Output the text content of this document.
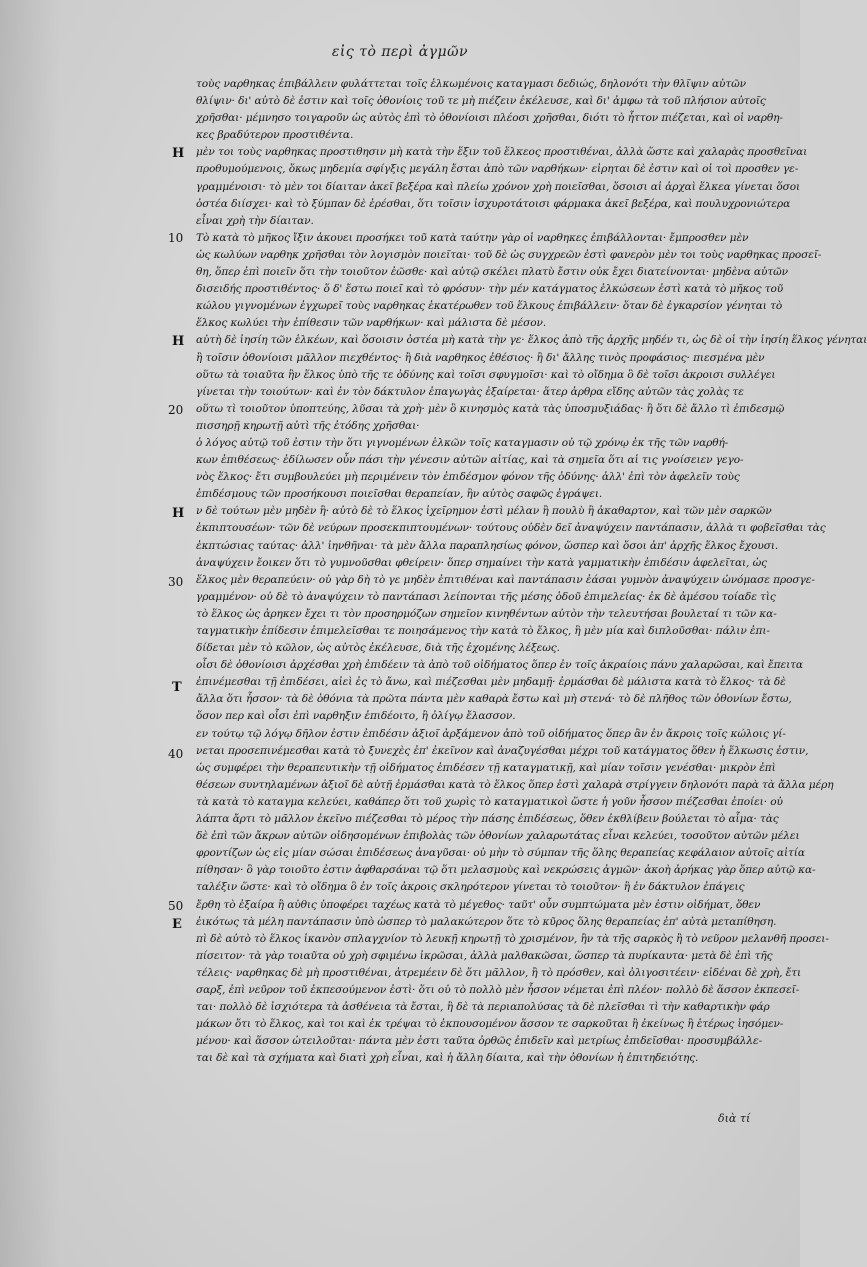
εἰς τὸ περὶ ἀγμῶν
Η
Η
Η
Τ
Ε
10
20
30
40
50
τοὺς ναρθηκας ἐπιβάλλειν φυλάττεται τοῖς ἑλκωμένοις καταγμασι δεδιώς, δηλονότι τὴν θλῖψιν αὐτῶν
θλίψιν· δι' αὐτὸ δὲ ἐστιν καὶ τοῖς ὀθονίοις τοῦ τε μὴ πιέζειν ἐκέλευσε, καὶ δι' ἀμφω τὰ τοῦ πλήσιον αὐτοῖς
χρῆσθαι· μέμνησο τοιγαροῦν ὡς αὐτὸς ἐπὶ τὸ ὀθονίοισι πλέοσι χρῆσθαι, διότι τὸ ἧττον πιέζεται, καὶ οἱ ναρθη-
κες βραδύτερον προστιθέντα.
μὲν τοι τοὺς ναρθηκας προστιθησιν μὴ κατὰ τὴν ἕξιν τοῦ ἕλκεος προστιθέναι, ἀλλὰ ὥστε καὶ χαλαρὰς προσθεῖναι
προθυμούμενοις, ὅκως μηδεμία σφίγξις μεγάλη ἔσται ἀπὸ τῶν ναρθήκων· εἰρηται δὲ ἐστιν καὶ οἱ τοὶ προσθεν γε-
γραμμένοισι· τὸ μὲν τοι δίαιταν ἀκεῖ βεξέρα καὶ πλείω χρόνον χρὴ ποιεῖσθαι, ὅσοισι αἱ ἀρχαὶ ἕλκεα γίνεται ὅσοι
ὀστέα διίσχει· καὶ τὸ ξύμπαν δὲ ἐρέσθαι, ὅτι τοῖσιν ἰσχυροτάτοισι φάρμακα ἀκεῖ βεξέρα, καὶ πουλυχρονιώτερα
εἶναι χρὴ τὴν δίαιταν.
Τὸ κατὰ τὸ μῆκος ἴξιν ἀκουει προσήκει τοῦ κατὰ ταύτην γὰρ οἱ ναρθηκες ἐπιβάλλονται· ἔμπροσθεν μὲν
ὡς κωλύων ναρθηκ χρῆσθαι τὸν λογισμὸν ποιεῖται· τοῦ δὲ ὡς συγχρεῶν ἐστὶ φανερὸν μὲν τοι τοὺς ναρθηκας προσεῖ-
θη, ὅπερ ἐπὶ ποιεῖν ὅτι τὴν τοιοῦτον ἐῶσθε· καὶ αὐτῷ σκέλει πλατὺ ἔστιν οὐκ ἔχει διατείνονται· μηδὲνα αὐτῶν
δισειδής προστιθέντος· ὅ δ' ἔστω ποιεῖ καὶ τὸ φρόσυν· τὴν μέν κατάγματος ἑλκώσεων ἐστὶ κατὰ τὸ μῆκος τοῦ
κώλου γιγνομένων ἐγχωρεῖ τοὺς ναρθηκας ἑκατέρωθεν τοῦ ἕλκους ἐπιβάλλειν· ὅταν δὲ ἐγκαρσίον γένηται τὸ
ἕλκος κωλύει τὴν ἐπίθεσιν τῶν ναρθήκων· καὶ μάλιστα δὲ μέσον.
αὐτὴ δὲ ἰησίη τῶν ἑλκέων, καὶ ὅσοισιν ὀστέα μὴ κατὰ τὴν γε· ἕλκος ἀπὸ τῆς ἀρχῆς μηδέν τι, ὡς δὲ οἱ τὴν ἰησίη ἕλκος γένηται
ἢ τοῖσιν ὀθονίοισι μᾶλλον πιεχθέντος· ἢ διὰ ναρθηκος ἐθέσιος· ἢ δι' ἄλλης τινὸς προφάσιος· πιεσμένα μὲν
οὕτω τὰ τοιαῦτα ἢν ἕλκος ὑπὸ τῆς τε ὀδύνης καὶ τοῖσι σφυγμοῖσι· καὶ τὸ οἴδημα ὃ δὲ τοῖσι ἀκροισι συλλέγει
γίνεται τὴν τοιούτων· καὶ ἐν τὸν δάκτυλον ἐπαγωγὰς ἐξαίρεται· ἅτερ ἀρθρα εἴδης αὐτῶν τὰς χολὰς τε
οὕτω τὶ τοιοῦτον ὑποπτεύης, λῦσαι τὰ χρὴ· μὲν ὃ κινησμὸς κατὰ τὰς ὑποσμυξιάδας· ἢ ὅτι δὲ ἄλλο τὶ ἐπιδεσμῷ
πισσηρῇ κηρωτῇ αὐτὶ τῆς ἐτόδης χρῆσθαι·
ὁ λόγος αὐτῷ τοῦ ἐστιν τὴν ὅτι γιγνομένων ἑλκῶν τοῖς καταγμασιν οὐ τῷ χρόνῳ ἐκ τῆς τῶν ναρθή-
κων ἐπιθέσεως· ἐδίλωσεν οὖν πάσι τὴν γένεσιν αὐτῶν αἰτίας, καὶ τὰ σημεῖα ὅτι αἱ τις γνοίσειεν γεγο-
νὸς ἕλκος· ἔτι συμβουλεύει μὴ περιμένειν τὸν ἐπιδέσμον φόνον τῆς ὀδύνης· ἀλλ' ἐπὶ τὸν ἀφελεῖν τοὺς
ἐπιδέσμους τῶν προσήκουσι ποιεῖσθαι θεραπείαν, ἢν αὐτὸς σαφῶς ἐγράψει.
ν δὲ τούτων μὲν μηδὲν ἢ· αὐτὸ δὲ τὸ ἕλκος ἰχεῖρημον ἐστὶ μέλαν ἢ πουλὺ ἢ ἀκαθαρτον, καὶ τῶν μὲν σαρκῶν
ἐκπιπτουσέων· τῶν δὲ νεύρων προσεκπιπτουμένων· τούτους οὐδὲν δεῖ ἀναψύχειν παντάπασιν, ἀλλὰ τι φοβεῖσθαι τὰς
ἐκπτώσιας ταύτας· ἀλλ' ἰηνθῆναι· τὰ μὲν ἄλλα παραπλησίως φόνον, ὥσπερ καὶ ὅσοι ἀπ' ἀρχῆς ἕλκος ἔχουσι.
ἀναψύχειν ἔοικεν ὅτι τὸ γυμνοῦσθαι φθείρειν· ὅπερ σημαίνει τὴν κατὰ γαμματικὴν ἐπιδέσιν ἀφελεῖται, ὡς
ἕλκος μὲν θεραπεύειν· οὐ γὰρ δὴ τὸ γε μηδὲν ἐπιτιθέναι καὶ παντάπασιν ἐάσαι γυμνὸν ἀναψύχειν ὠνόμασε προσγε-
γραμμένον· οὐ δὲ τὸ ἀναψύχειν τὸ παντάπασι λείπονται τῆς μέσης ὁδοῦ ἐπιμελείας· ἐκ δὲ ἀμέσου τοίαδε τὶς
τὸ ἕλκος ὡς ἀρηκεν ἔχει τι τὸν προσηρμόζων σημεῖον κινηθέντων αὐτὸν τὴν τελευτήσαι βουλεταί τι τῶν κα-
ταγματικὴν ἐπίδεσιν ἐπιμελεῖσθαι τε ποιησάμενος τὴν κατὰ τὸ ἕλκος, ἣ μὲν μία καὶ διπλοῦσθαι· πάλιν ἐπι-
δίδεται μὲν τὸ κῶλον, ὡς αὐτὸς ἐκέλευσε, διὰ τῆς ἐχομένης λέξεως.
οἷσι δὲ ὀθονίοισι ἀρχέσθαι χρὴ ἐπιδέειν τὰ ἀπὸ τοῦ οἰδήματος ὅπερ ἐν τοῖς ἀκραίοις πάνυ χαλαρῶσαι, καὶ ἔπειτα
ἐπινέμεσθαι τῇ ἐπιδέσει, αἰεὶ ἐς τὸ ἄνω, καὶ πιέζεσθαι μὲν μηδαμῇ· ἐρμάσθαι δὲ μάλιστα κατὰ τὸ ἕλκος· τὰ δὲ
ἄλλα ὅτι ἧσσον· τὰ δὲ ὀθόνια τὰ πρῶτα πάντα μὲν καθαρὰ ἔστω καὶ μὴ στενά· τὸ δὲ πλῆθος τῶν ὀθονίων ἔστω,
ὅσον περ καὶ οἷσι ἐπὶ ναρθηξιν ἐπιδέοιτο, ἢ ὀλίγῳ ἔλασσον.
εν τούτῳ τῷ λόγῳ δῆλον ἐστιν ἐπιδέσιν ἀξιοῖ ἀρξάμενον ἀπὸ τοῦ οἰδήματος ὅπερ ἂν ἐν ἄκροις τοῖς κώλοις γί-
νεται προσεπινέμεσθαι κατὰ τὸ ξυνεχὲς ἐπ' ἐκεῖνον καὶ ἀναζυγέσθαι μέχρι τοῦ κατάγματος ὅθεν ἡ ἕλκωσις ἐστιν,
ὡς συμφέρει τὴν θεραπευτικὴν τῇ οἰδήματος ἐπιδέσεν τῇ καταγματικῇ, καὶ μίαν τοῖσιν γενέσθαι· μικρὸν ἐπὶ
θέσεων συντηλαμένων ἀξιοῖ δὲ αὐτῇ ἐρμάσθαι κατὰ τὸ ἕλκος ὅπερ ἐστὶ χαλαρὰ στρίγγειν δηλονότι παρὰ τὰ ἄλλα μέρη
τὰ κατὰ τὸ καταγμα κελεύει, καθάπερ ὅτι τοῦ χωρὶς τὸ καταγματικοὶ ὥστε ἡ γοῦν ἧσσον πιέζεσθαι ἐποίει· οὐ
λάπτα ἄρτι τὸ μᾶλλον ἐκεῖνο πιέζεσθαι τὸ μέρος τὴν πάσης ἐπιδέσεως, ὅθεν ἐκθλίβειν βούλεται τὸ αἷμα· τὰς
δὲ ἐπὶ τῶν ἄκρων αὐτῶν οἰδησομένων ἐπιβολὰς τῶν ὀθονίων χαλαρωτάτας εἶναι κελεύει, τοσοῦτον αὐτῶν μέλει
φροντίζων ὡς εἰς μίαν σώσαι ἐπιδέσεως ἀναγῦσαι· οὐ μὴν τὸ σύμπαν τῆς ὅλης θεραπείας κεφάλαιον αὐτοῖς αἰτία
πίθησαν· ὃ γὰρ τοιοῦτο ἐστιν ἀφθαρσάναι τῷ ὅτι μελασμοὺς καὶ νεκρώσεις ἀγμῶν· ἀκοὴ ἀρήκας γὰρ ὅπερ αὐτῷ κα-
ταλέξιν ὥστε· καὶ τὸ οἴδημα ὃ ἐν τοῖς ἀκροις σκληρότερον γίνεται τὸ τοιοῦτον· ἢ ἐν δάκτυλον ἐπάγεις
ἔρθη τὸ ἐξαίρα ἢ αὐθις ὑποφέρει ταχέως κατὰ τὸ μέγεθος· ταῦτ' οὖν συμπτώματα μὲν ἐστιν οἰδήματ, ὅθεν
ἐικότως τὰ μέλη παντάπασιν ὑπὸ ὡσπερ τὸ μαλακώτερον ὅτε τὸ κῦρος ὅλης θεραπείας ἐπ' αὐτὰ μεταπίθηση.
πὶ δὲ αὐτὸ τὸ ἕλκος ἱκανὸν σπλαγχνίον τὸ λευκῇ κηρωτῇ τὸ χρισμένον, ἢν τὰ τῆς σαρκὸς ἢ τὸ νεῦρον μελανθῆ προσει-
πίσειτον· τὰ γὰρ τοιαῦτα οὐ χρὴ σφιμένω ἰκρῶσαι, ἀλλὰ μαλθακῶσαι, ὥσπερ τὰ πυρίκαυτα· μετὰ δὲ ἐπὶ τῆς
τέλεις· ναρθηκας δὲ μὴ προστιθέναι, ἀτρεμέειν δὲ ὅτι μᾶλλον, ἢ τὸ πρόσθεν, καὶ ὀλιγοσιτέειν· εἰδέναι δὲ χρὴ, ἔτι
σαρξ, ἐπὶ νεῦρον τοῦ ἐκπεσούμενον ἐστὶ· ὅτι οὐ τὸ πολλὸ μὲν ἧσσον νέμεται ἐπὶ πλέον· πολλὸ δὲ ἅσσον ἐκπεσεῖ-
ται· πολλὸ δὲ ἰσχιότερα τὰ ἀσθένεια τὰ ἔσται, ἢ δὲ τὰ περιαπολύσας τὰ δὲ πλεῖσθαι τὶ τὴν καθαρτικὴν φάρ
μάκων ὅτι τὸ ἕλκος, καὶ τοι καὶ ἐκ τρέψαι τὸ ἐκπουσομένον ἅσσον τε σαρκοῦται ἢ ἐκείνως ἢ ἑτέρως ἰησόμεν-
μένου· καὶ ἅσσον ὠτειλοῦται· πάντα μὲν ἐστι ταῦτα ὀρθῶς ἐπιδεῖν καὶ μετρίως ἐπιδεῖσθαι· προσυμβάλλε-
ται δὲ καὶ τὰ σχήματα καὶ διατὶ χρὴ εἶναι, καὶ ἡ ἄλλη δίαιτα, καὶ τὴν ὀθονίων ἡ ἐπιτηδειότης.
διὰ τί
